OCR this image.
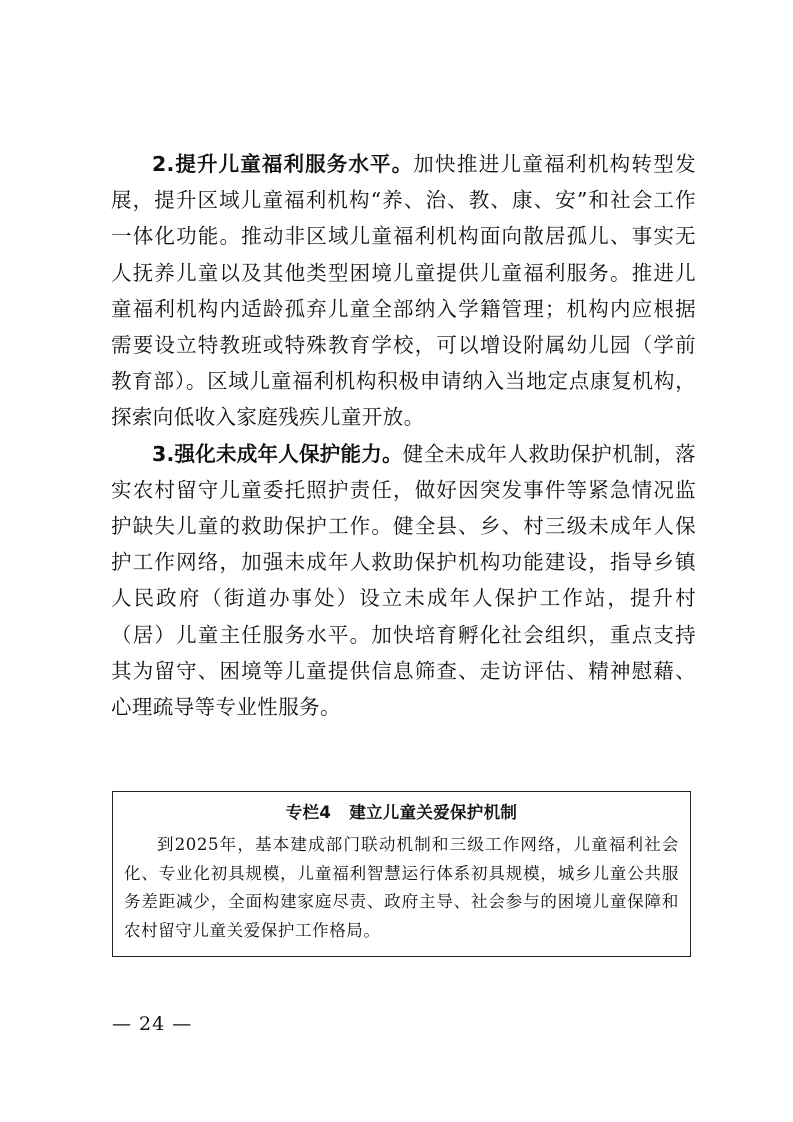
2.提升儿童福利服务水平。加快推进儿童福利机构转型发展，提升区域儿童福利机构“养、治、教、康、安”和社会工作一体化功能。推动非区域儿童福利机构面向散居孤儿、事实无人抚养儿童以及其他类型困境儿童提供儿童福利服务。推进儿童福利机构内适龄孤弃儿童全部纳入学籍管理；机构内应根据需要设立特教班或特殊教育学校，可以增设附属幼儿园（学前教育部）。区域儿童福利机构积极申请纳入当地定点康复机构，探索向低收入家庭残疾儿童开放。

3.强化未成年人保护能力。健全未成年人救助保护机制，落实农村留守儿童委托照护责任，做好因突发事件等紧急情况监护缺失儿童的救助保护工作。健全县、乡、村三级未成年人保护工作网络，加强未成年人救助保护机构功能建设，指导乡镇人民政府（街道办事处）设立未成年人保护工作站，提升村（居）儿童主任服务水平。加快培育孵化社会组织，重点支持其为留守、困境等儿童提供信息筛查、走访评估、精神慰藉、心理疏导等专业性服务。

专栏4 建立儿童关爱保护机制

到2025年，基本建成部门联动机制和三级工作网络，儿童福利社会化、专业化初具规模，儿童福利智慧运行体系初具规模，城乡儿童公共服务差距减少，全面构建家庭尽责、政府主导、社会参与的困境儿童保障和农村留守儿童关爱保护工作格局。

— 24 —
